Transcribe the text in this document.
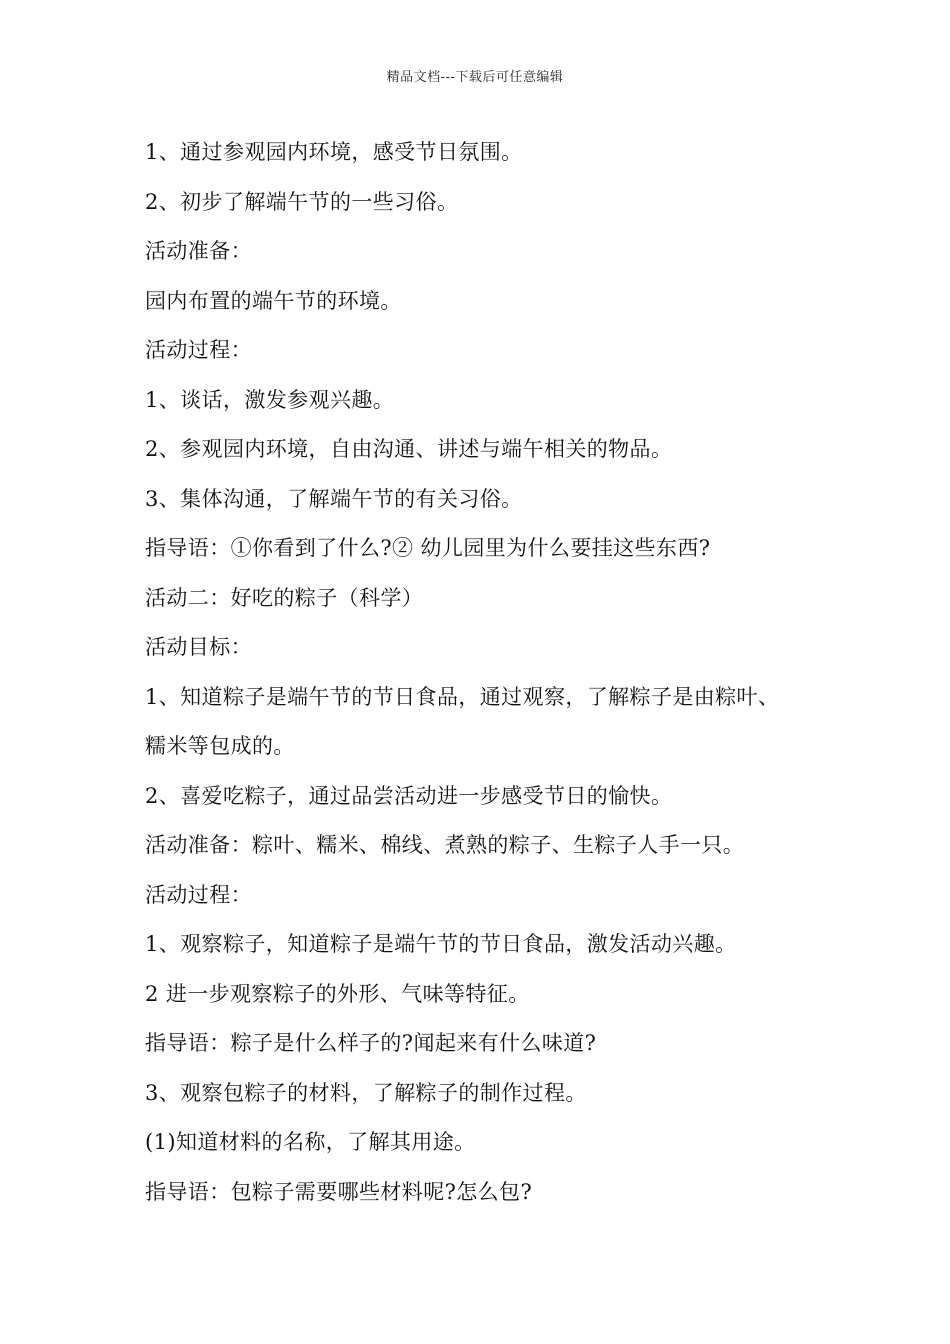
精品文档---下载后可任意编辑
1、通过参观园内环境，感受节日氛围。
2、初步了解端午节的一些习俗。
活动准备：
园内布置的端午节的环境。
活动过程：
1、谈话，激发参观兴趣。
2、参观园内环境，自由沟通、讲述与端午相关的物品。
3、集体沟通，了解端午节的有关习俗。
指导语：①你看到了什么?② 幼儿园里为什么要挂这些东西?
活动二：好吃的粽子（科学）
活动目标：
1、知道粽子是端午节的节日食品，通过观察，了解粽子是由粽叶、
糯米等包成的。
2、喜爱吃粽子，通过品尝活动进一步感受节日的愉快。
活动准备：粽叶、糯米、棉线、煮熟的粽子、生粽子人手一只。
活动过程：
1、观察粽子，知道粽子是端午节的节日食品，激发活动兴趣。
2 进一步观察粽子的外形、气味等特征。
指导语：粽子是什么样子的?闻起来有什么味道?
3、观察包粽子的材料，了解粽子的制作过程。
(1)知道材料的名称，了解其用途。
指导语：包粽子需要哪些材料呢?怎么包?
